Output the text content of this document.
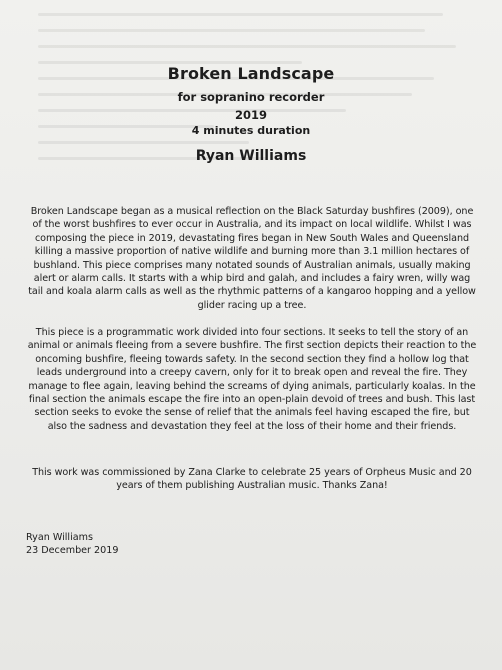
Broken Landscape
for sopranino recorder
2019
4 minutes duration
Ryan Williams
Broken Landscape began as a musical reflection on the Black Saturday bushfires (2009), one of the worst bushfires to ever occur in Australia, and its impact on local wildlife. Whilst I was composing the piece in 2019, devastating fires began in New South Wales and Queensland killing a massive proportion of native wildlife and burning more than 3.1 million hectares of bushland. This piece comprises many notated sounds of Australian animals, usually making alert or alarm calls. It starts with a whip bird and galah, and includes a fairy wren, willy wag tail and koala alarm calls as well as the rhythmic patterns of a kangaroo hopping and a yellow glider racing up a tree.
This piece is a programmatic work divided into four sections. It seeks to tell the story of an animal or animals fleeing from a severe bushfire. The first section depicts their reaction to the oncoming bushfire, fleeing towards safety. In the second section they find a hollow log that leads underground into a creepy cavern, only for it to break open and reveal the fire. They manage to flee again, leaving behind the screams of dying animals, particularly koalas. In the final section the animals escape the fire into an open-plain devoid of trees and bush. This last section seeks to evoke the sense of relief that the animals feel having escaped the fire, but also the sadness and devastation they feel at the loss of their home and their friends.
This work was commissioned by Zana Clarke to celebrate 25 years of Orpheus Music and 20 years of them publishing Australian music. Thanks Zana!
Ryan Williams
23 December 2019
